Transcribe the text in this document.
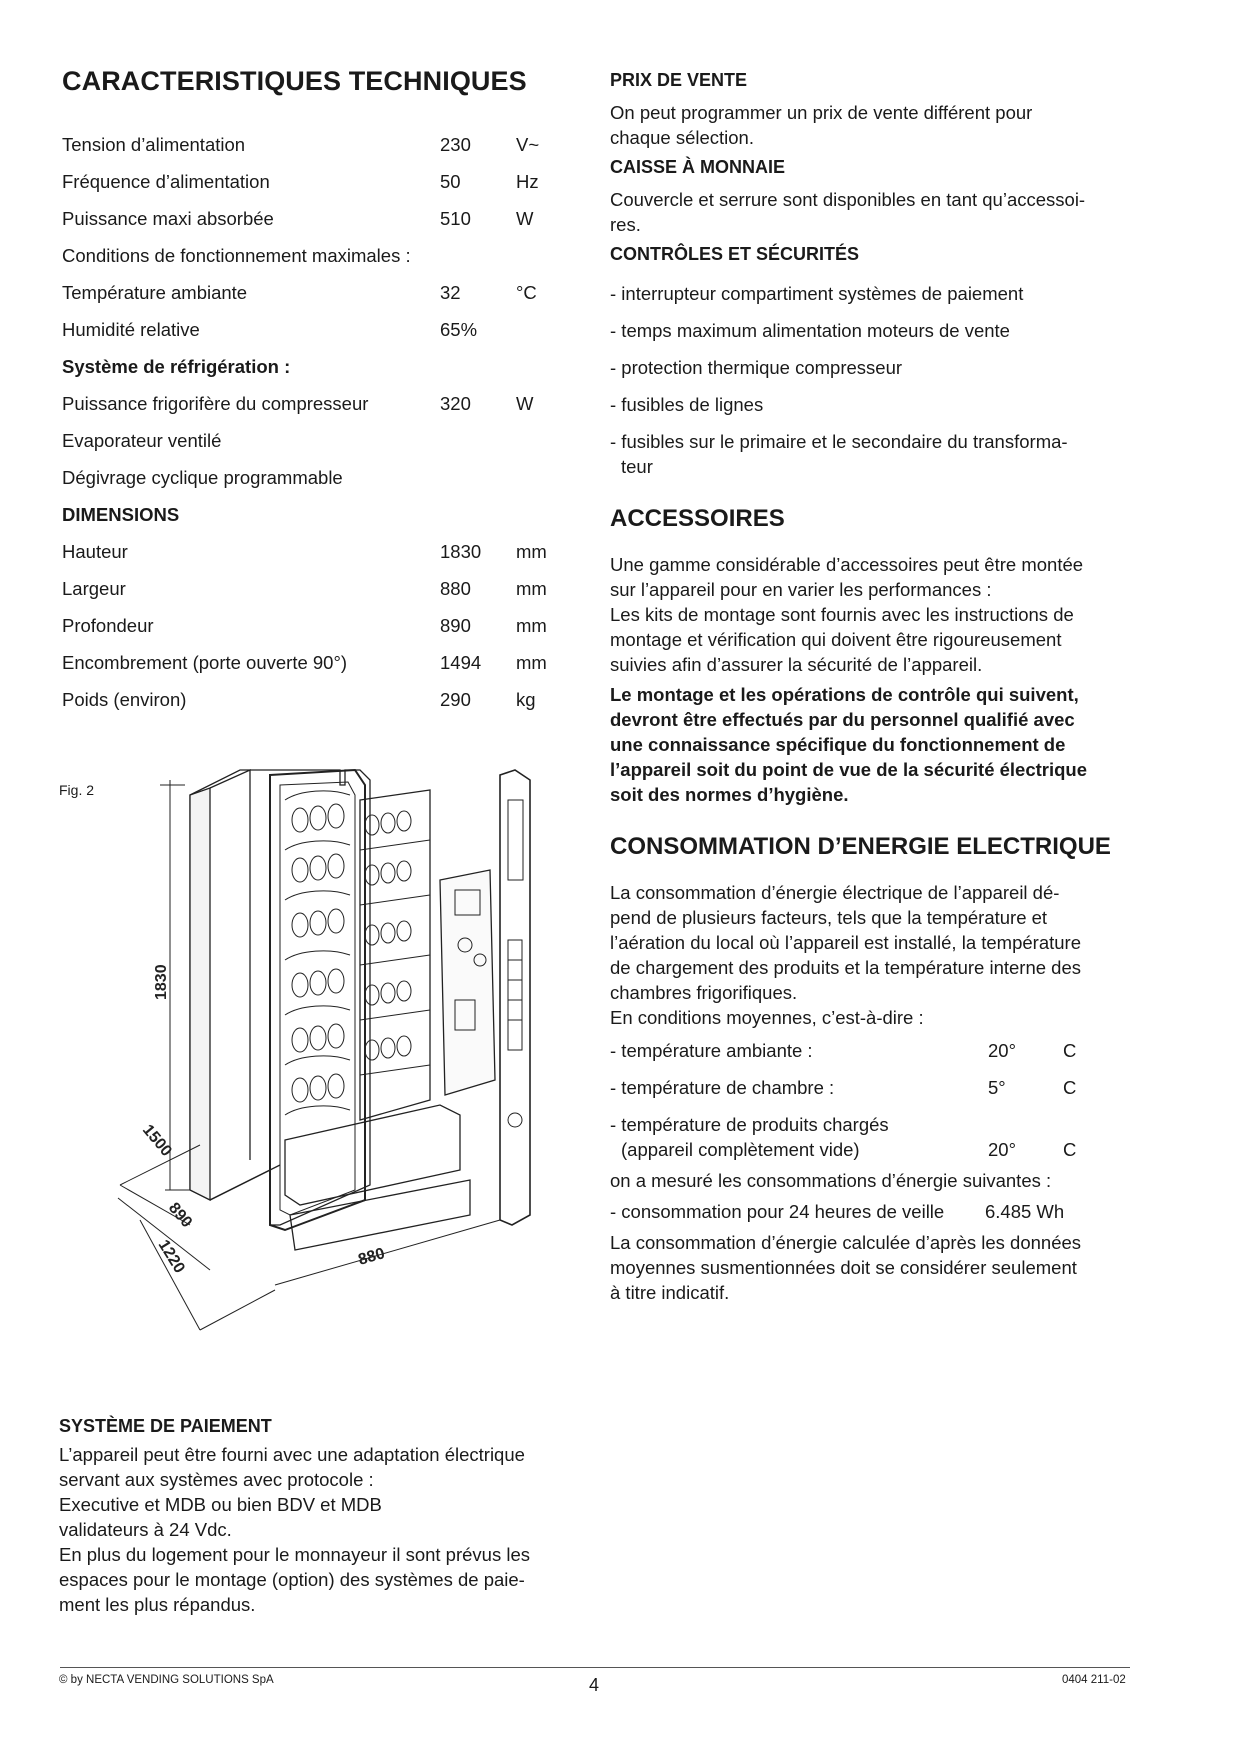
CARACTERISTIQUES TECHNIQUES
Tension d’alimentation	230 V~
Fréquence d’alimentation	50	Hz
Puissance maxi absorbée	510 W
Conditions de fonctionnement maximales :
Température ambiante	32	°C
Humidité relative	65%
Système de réfrigération :
Puissance frigorifère du compresseur	320 W
Evaporateur ventilé
Dégivrage cyclique programmable
DIMENSIONS
Hauteur	1830 mm
Largeur	880 mm
Profondeur	890 mm
Encombrement (porte ouverte 90°)	1494 mm
Poids (environ)	290 kg
Fig. 2
1830
1500
890
1220	880
SYSTÈME DE PAIEMENT
L’appareil peut être fourni avec une adaptation électrique
servant aux systèmes avec protocole :
Executive et MDB ou bien BDV et MDB
validateurs à 24 Vdc.
En plus du logement pour le monnayeur il sont prévus les
espaces pour le montage (option) des systèmes de paie-
ment les plus répandus.
PRIX DE VENTE
On peut programmer un prix de vente différent pour
chaque sélection.
CAISSE À MONNAIE
Couvercle et serrure sont disponibles en tant qu’accessoi-
res.
CONTRÔLES ET SÉCURITÉS
- interrupteur compartiment systèmes de paiement
- temps maximum alimentation moteurs de vente
- protection thermique compresseur
- fusibles de lignes
- fusibles sur le primaire et le secondaire du transforma-
teur
ACCESSOIRES
Une gamme considérable d’accessoires peut être montée
sur l’appareil pour en varier les performances :
Les kits de montage sont fournis avec les instructions de
montage et vérification qui doivent être rigoureusement
suivies afin d’assurer la sécurité de l’appareil.
Le montage et les opérations de contrôle qui suivent,
devront être effectués par du personnel qualifié avec
une connaissance spécifique du fonctionnement de
l’appareil soit du point de vue de la sécurité électrique
soit des normes d’hygiène.
CONSOMMATION D’ENERGIE ELECTRIQUE
La consommation d’énergie électrique de l’appareil dé-
pend de plusieurs facteurs, tels que la température et
l’aération du local où l’appareil est installé, la température
de chargement des produits et la température interne des
chambres frigorifiques.
En conditions moyennes, c’est-à-dire :
- température ambiante :	20°	C
- température de chambre :	5°	C
- température de produits chargés
(appareil complètement vide)	20°	C
on a mesuré les consommations d’énergie suivantes :
- consommation pour 24 heures de veille 6.485 Wh
La consommation d’énergie calculée d’après les données
moyennes susmentionnées doit se considérer seulement
à titre indicatif.
© by NECTA VENDING SOLUTIONS SpA	4	0404 211-02
